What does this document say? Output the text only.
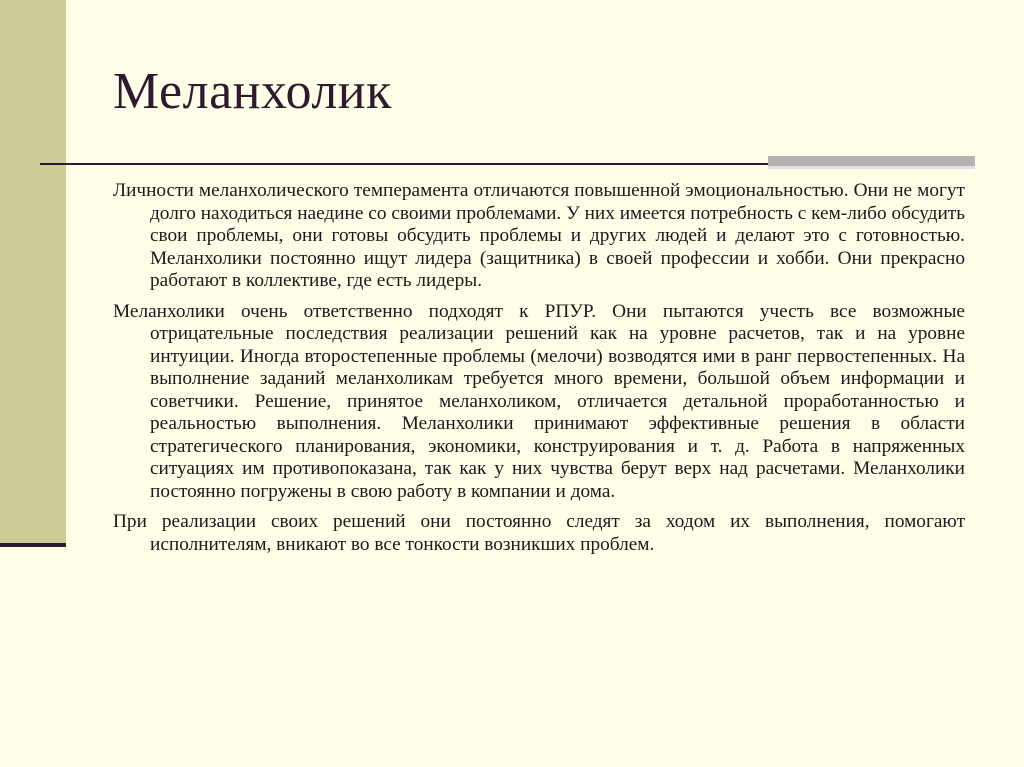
Меланхолик

Личности меланхолического темперамента отличаются повышенной эмоциональностью. Они не могут долго находиться наедине со своими проблемами. У них имеется потребность с кем-либо обсудить свои проблемы, они готовы обсудить проблемы и других людей и делают это с готовностью. Меланхолики постоянно ищут лидера (защитника) в своей профессии и хобби. Они прекрасно работают в коллективе, где есть лидеры.

Меланхолики очень ответственно подходят к РПУР. Они пытаются учесть все возможные отрицательные последствия реализации решений как на уровне расчетов, так и на уровне интуиции. Иногда второстепенные проблемы (мелочи) возводятся ими в ранг первостепенных. На выполнение заданий меланхоликам требуется много времени, большой объем информации и советчики. Решение, принятое меланхоликом, отличается детальной проработанностью и реальностью выполнения. Меланхолики принимают эффективные решения в области стратегического планирования, экономики, конструирования и т. д. Работа в напряженных ситуациях им противопоказана, так как у них чувства берут верх над расчетами. Меланхолики постоянно погружены в свою работу в компании и дома.

При реализации своих решений они постоянно следят за ходом их выполнения, помогают исполнителям, вникают во все тонкости возникших проблем.
